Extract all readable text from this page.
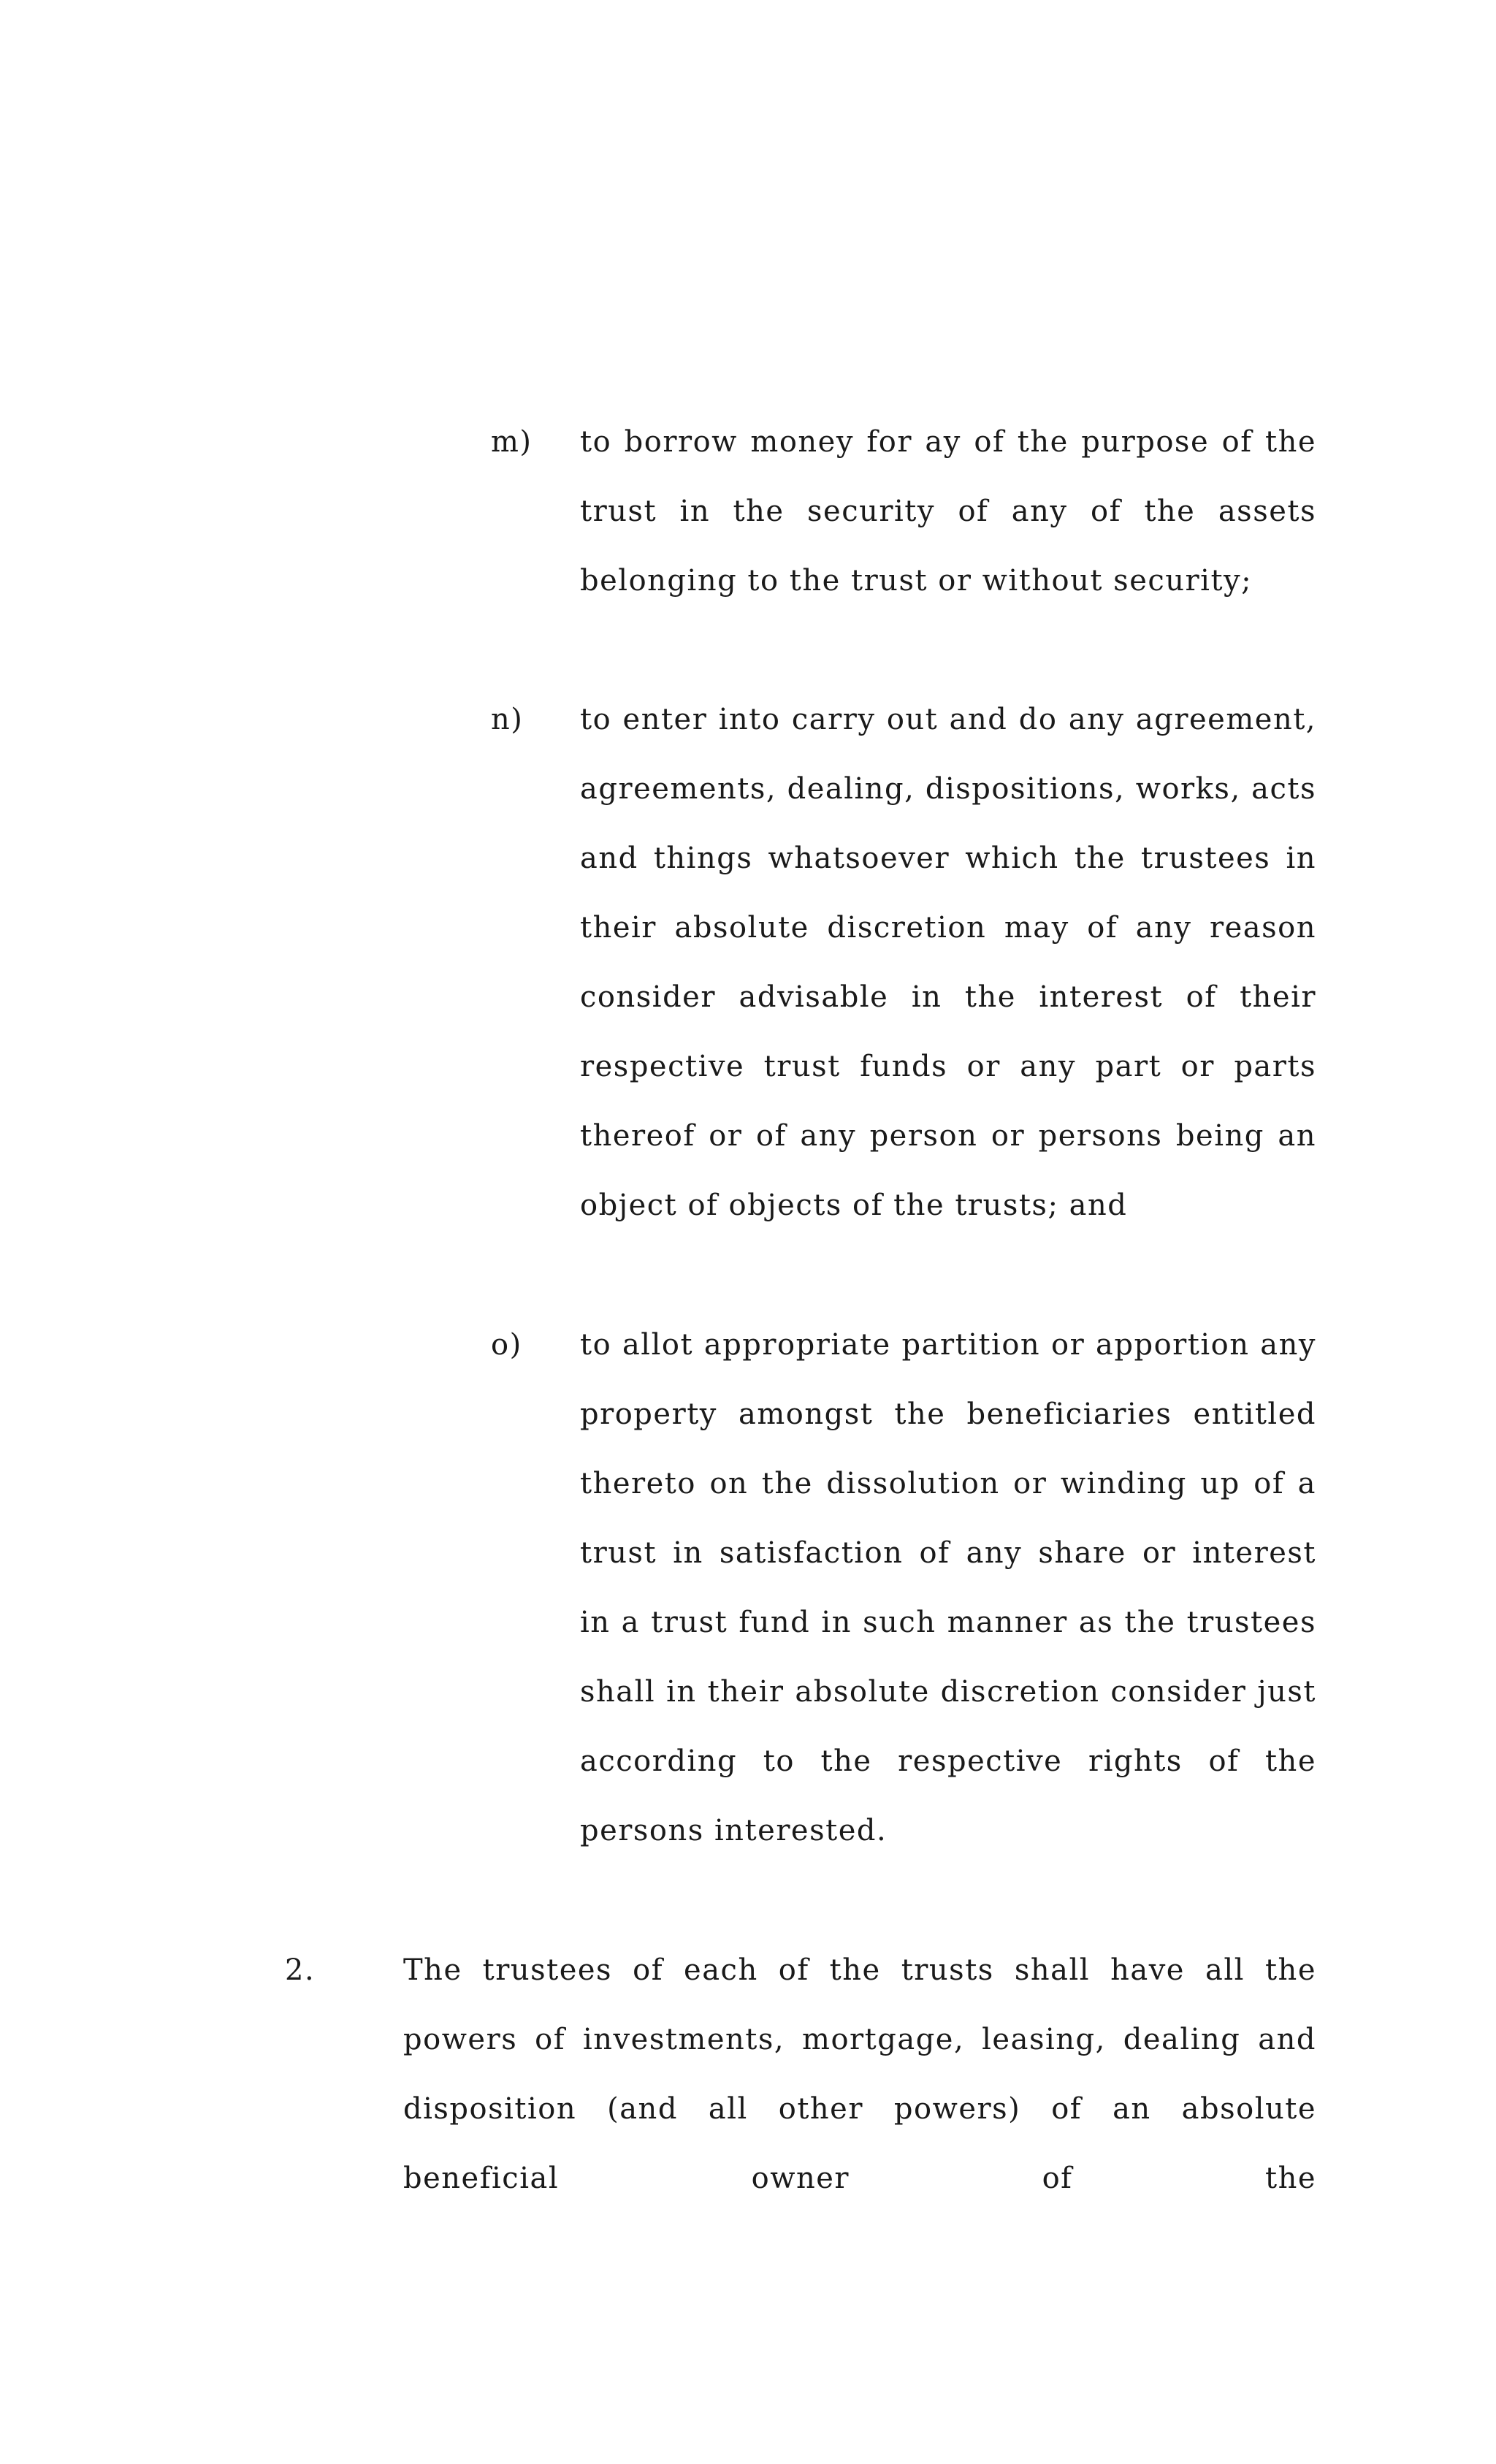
m) to borrow money for ay of the purpose of the trust in the security of any of the assets belonging to the trust or without security;
n) to enter into carry out and do any agreement, agreements, dealing, dispositions, works, acts and things whatsoever which the trustees in their absolute discretion may of any reason consider advisable in the interest of their respective trust funds or any part or parts thereof or of any person or persons being an object of objects of the trusts; and
o) to allot appropriate partition or apportion any property amongst the beneficiaries entitled thereto on the dissolution or winding up of a trust in satisfaction of any share or interest in a trust fund in such manner as the trustees shall in their absolute discretion consider just according to the respective rights of the persons interested.
2.	The trustees of each of the trusts shall have all the powers of investments, mortgage, leasing, dealing and disposition (and all other powers) of an absolute beneficial owner of the
